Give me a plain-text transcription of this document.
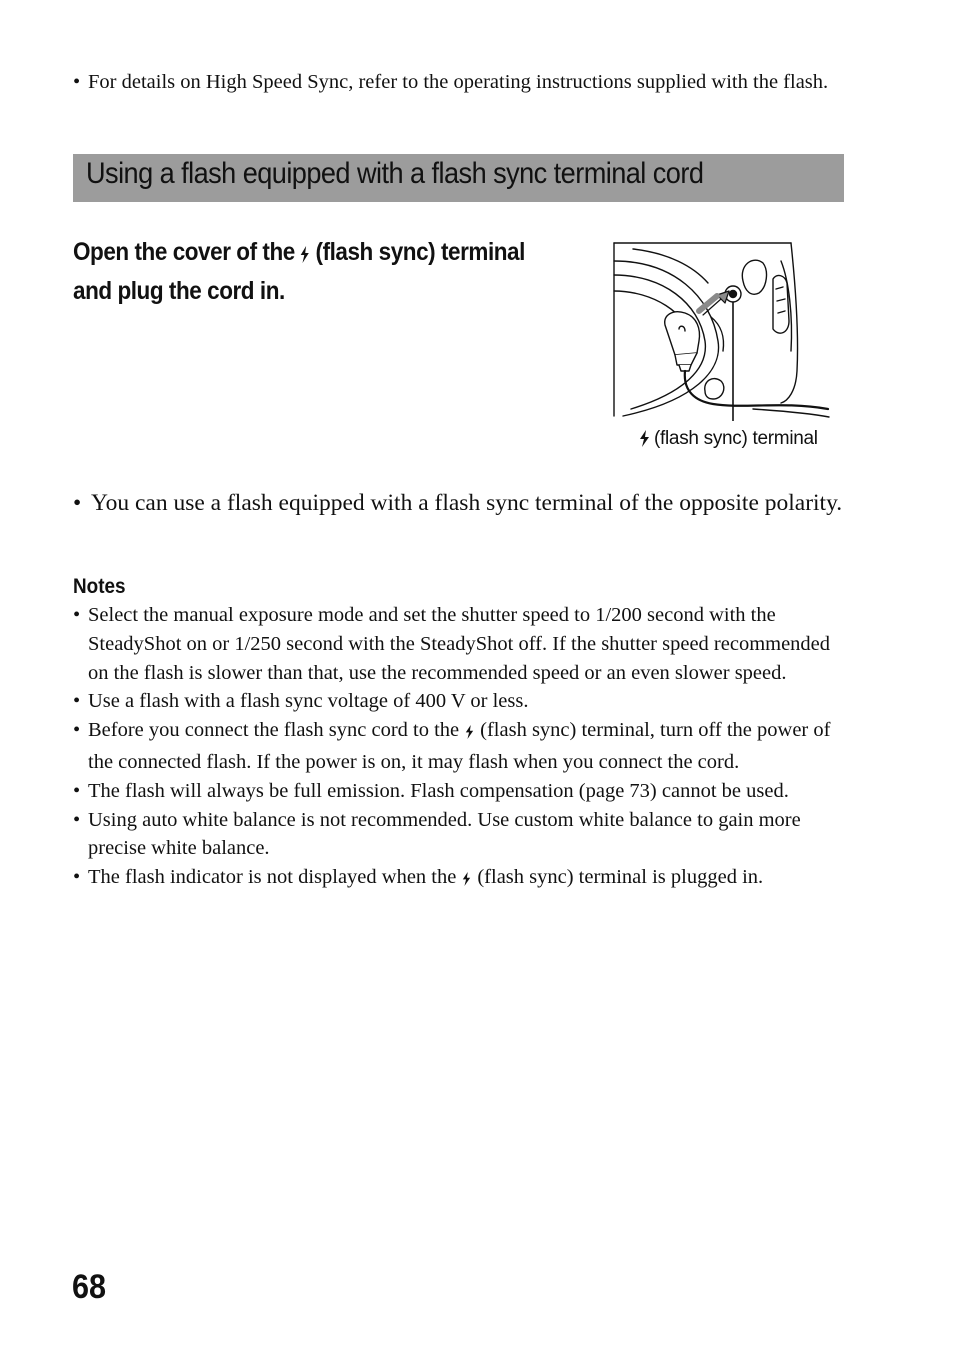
• For details on High Speed Sync, refer to the operating instructions supplied with the flash.
Using a flash equipped with a flash sync terminal cord
Open the cover of the (flash sync) terminal and plug the cord in.
(flash sync) terminal
• You can use a flash equipped with a flash sync terminal of the opposite polarity.
Notes
• Select the manual exposure mode and set the shutter speed to 1/200 second with the SteadyShot on or 1/250 second with the SteadyShot off. If the shutter speed recommended on the flash is slower than that, use the recommended speed or an even slower speed.
• Use a flash with a flash sync voltage of 400 V or less.
• Before you connect the flash sync cord to the (flash sync) terminal, turn off the power of the connected flash. If the power is on, it may flash when you connect the cord.
• The flash will always be full emission. Flash compensation (page 73) cannot be used.
• Using auto white balance is not recommended. Use custom white balance to gain more precise white balance.
• The flash indicator is not displayed when the (flash sync) terminal is plugged in.
68
